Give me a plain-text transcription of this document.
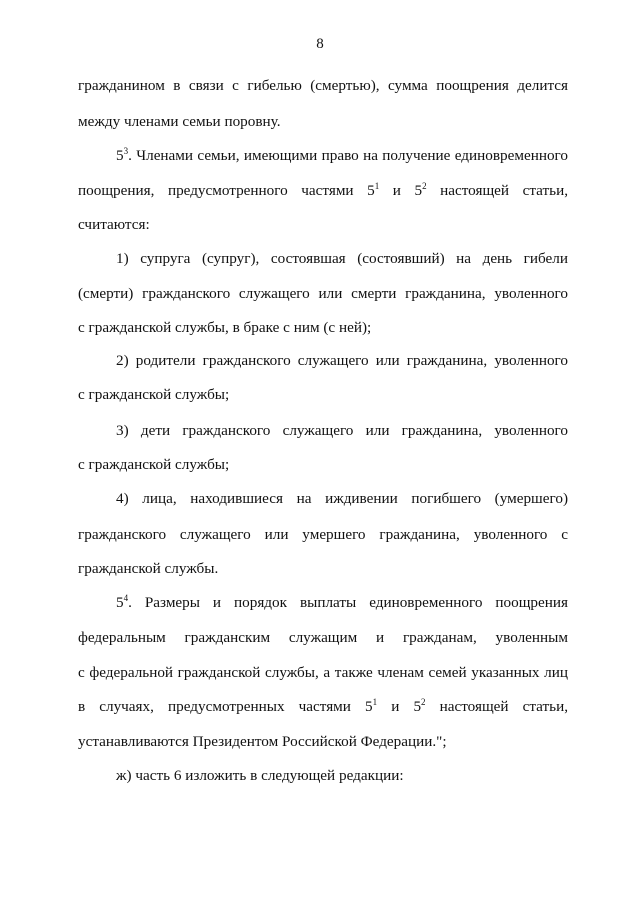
8
гражданином в связи с гибелью (смертью), сумма поощрения делится
между членами семьи поровну.
$5^3$. Членами семьи, имеющими право на получение единовременного
поощрения, предусмотренного частями $5^1$ и $5^2$ настоящей статьи,
считаются:
1) супруга (супруг), состоявшая (состоявший) на день гибели
(смерти) гражданского служащего или смерти гражданина, уволенного
с гражданской службы, в браке с ним (с ней);
2) родители гражданского служащего или гражданина, уволенного
с гражданской службы;
3) дети гражданского служащего или гражданина, уволенного
с гражданской службы;
4) лица, находившиеся на иждивении погибшего (умершего)
гражданского служащего или умершего гражданина, уволенного с
гражданской службы.
$5^4$. Размеры и порядок выплаты единовременного поощрения
федеральным гражданским служащим и гражданам, уволенным
с федеральной гражданской службы, а также членам семей указанных лиц
в случаях, предусмотренных частями $5^1$ и $5^2$ настоящей статьи,
устанавливаются Президентом Российской Федерации.";
ж) часть 6 изложить в следующей редакции:
